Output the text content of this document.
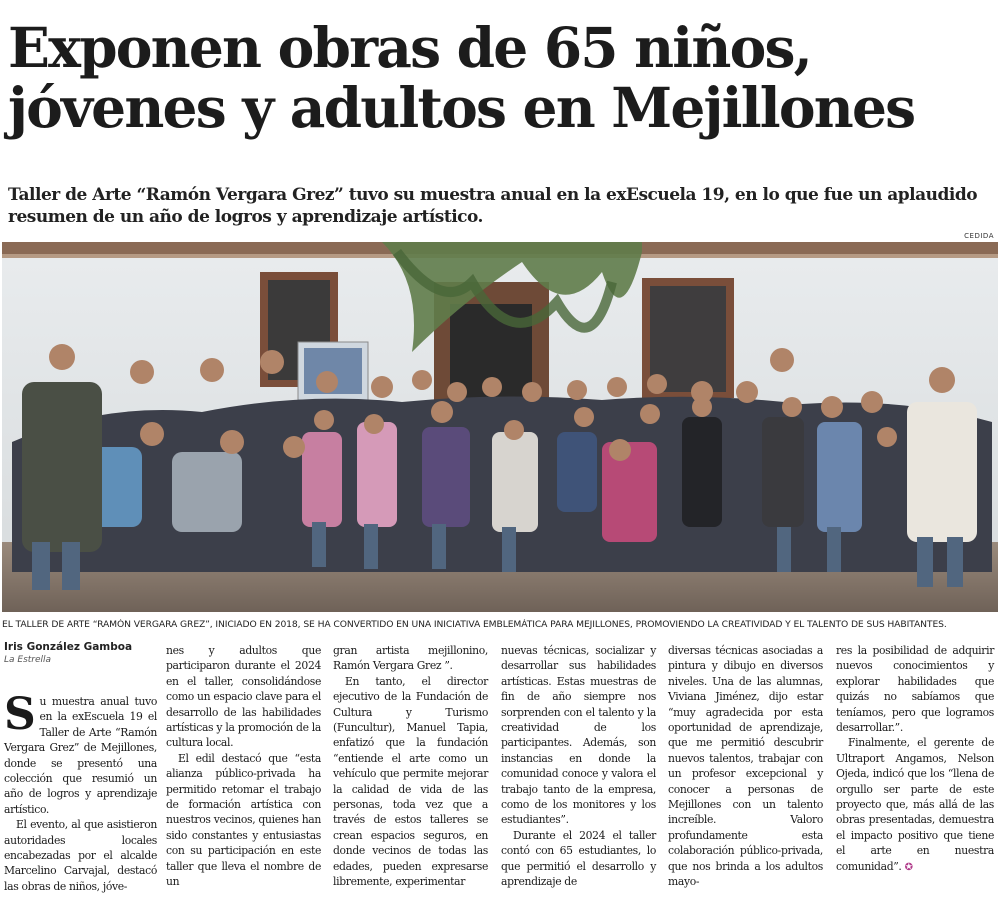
Exponen obras de 65 niños,
jóvenes y adultos en Mejillones
Taller de Arte “Ramón Vergara Grez” tuvo su muestra anual en la exEscuela 19, en lo que fue un aplaudido resumen de un año de logros y aprendizaje artístico.
CEDIDA
EL TALLER DE ARTE “RAMÓN VERGARA GREZ”, INICIADO EN 2018, SE HA CONVERTIDO EN UNA INICIATIVA EMBLEMÁTICA PARA MEJILLONES, PROMOVIENDO LA CREATIVIDAD Y EL TALENTO DE SUS HABITANTES.
Iris González Gamboa
La Estrella

Su muestra anual tuvo en la exEscuela 19 el Taller de Arte “Ramón Vergara Grez” de Mejillones, donde se presentó una colección que resumió un año de logros y aprendizaje artístico.

El evento, al que asistieron autoridades locales encabezadas por el alcalde Marcelino Carvajal, destacó las obras de niños, jóve-

nes y adultos que participaron durante el 2024 en el taller, consolidándose como un espacio clave para el desarrollo de las habilidades artísticas y la promoción de la cultura local.

El edil destacó que “esta alianza público-privada ha permitido retomar el trabajo de formación artística con nuestros vecinos, quienes han sido constantes y entusiastas con su participación en este taller que lleva el nombre de un

gran artista mejillonino, Ramón Vergara Grez ”.

En tanto, el director ejecutivo de la Fundación de Cultura y Turismo (Funcultur), Manuel Tapia, enfatizó que la fundación “entiende el arte como un vehículo que permite mejorar la calidad de vida de las personas, toda vez que a través de estos talleres se crean espacios seguros, en donde vecinos de todas las edades, pueden expresarse libremente, experimentar

nuevas técnicas, socializar y desarrollar sus habilidades artísticas. Estas muestras de fin de año siempre nos sorprenden con el talento y la creatividad de los participantes. Además, son instancias en donde la comunidad conoce y valora el trabajo tanto de la empresa, como de los monitores y los estudiantes”.

Durante el 2024 el taller contó con 65 estudiantes, lo que permitió el desarrollo y aprendizaje de

diversas técnicas asociadas a pintura y dibujo en diversos niveles. Una de las alumnas, Viviana Jiménez, dijo estar “muy agradecida por esta oportunidad de aprendizaje, que me permitió descubrir nuevos talentos, trabajar con un profesor excepcional y conocer a personas de Mejillones con un talento increíble. Valoro profundamente esta colaboración público-privada, que nos brinda a los adultos mayo-

res la posibilidad de adquirir nuevos conocimientos y explorar habilidades que quizás no sabíamos que teníamos, pero que logramos desarrollar.”.

Finalmente, el gerente de Ultraport Angamos, Nelson Ojeda, indicó que los “llena de orgullo ser parte de este proyecto que, más allá de las obras presentadas, demuestra el impacto positivo que tiene el arte en nuestra comunidad”. ✪
